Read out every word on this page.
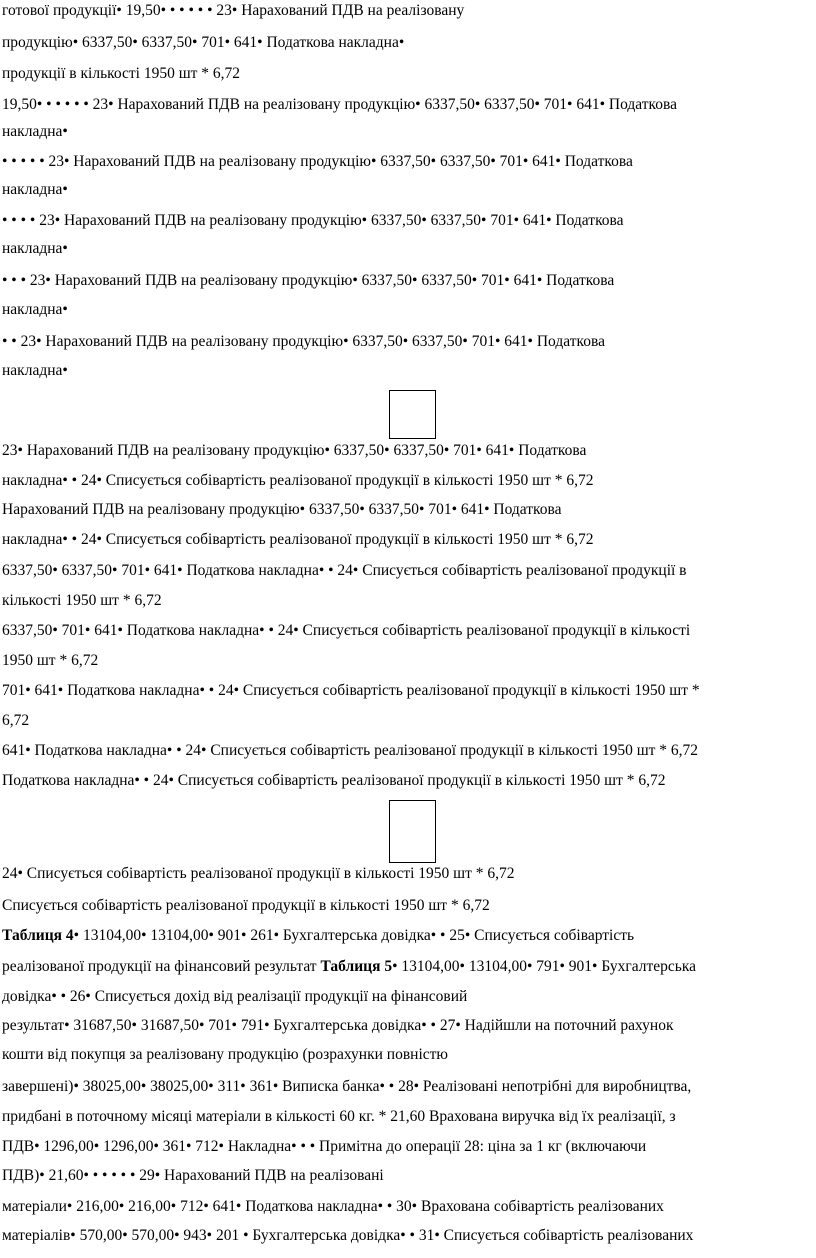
готової продукції• 19,50• • • • • • 23• Нарахований ПДВ на реалізовану
продукцію• 6337,50• 6337,50• 701• 641• Податкова накладна•
продукції в кількості 1950 шт * 6,72
19,50• • • • • • 23• Нарахований ПДВ на реалізовану продукцію• 6337,50• 6337,50• 701• 641• Податкова
накладна•
• • • • • 23• Нарахований ПДВ на реалізовану продукцію• 6337,50• 6337,50• 701• 641• Податкова
накладна•
• • • • 23• Нарахований ПДВ на реалізовану продукцію• 6337,50• 6337,50• 701• 641• Податкова
накладна•
• • • 23• Нарахований ПДВ на реалізовану продукцію• 6337,50• 6337,50• 701• 641• Податкова
накладна•
• • 23• Нарахований ПДВ на реалізовану продукцію• 6337,50• 6337,50• 701• 641• Податкова
накладна•
23• Нарахований ПДВ на реалізовану продукцію• 6337,50• 6337,50• 701• 641• Податкова
накладна• • 24• Списується собівартість реалізованої продукції в кількості 1950 шт * 6,72
Нарахований ПДВ на реалізовану продукцію• 6337,50• 6337,50• 701• 641• Податкова
накладна• • 24• Списується собівартість реалізованої продукції в кількості 1950 шт * 6,72
6337,50• 6337,50• 701• 641• Податкова накладна• • 24• Списується собівартість реалізованої продукції в
кількості 1950 шт * 6,72
6337,50• 701• 641• Податкова накладна• • 24• Списується собівартість реалізованої продукції в кількості
1950 шт * 6,72
701• 641• Податкова накладна• • 24• Списується собівартість реалізованої продукції в кількості 1950 шт *
6,72
641• Податкова накладна• • 24• Списується собівартість реалізованої продукції в кількості 1950 шт * 6,72
Податкова накладна• • 24• Списується собівартість реалізованої продукції в кількості 1950 шт * 6,72
24• Списується собівартість реалізованої продукції в кількості 1950 шт * 6,72
Списується собівартість реалізованої продукції в кількості 1950 шт * 6,72
Таблиця 4• 13104,00• 13104,00• 901• 261• Бухгалтерська довідка• • 25• Списується собівартість
реалізованої продукції на фінансовий результат Таблиця 5• 13104,00• 13104,00• 791• 901• Бухгалтерська
довідка• • 26• Списується дохід від реалізації продукції на фінансовий
результат• 31687,50• 31687,50• 701• 791• Бухгалтерська довідка• • 27• Надійшли на поточний рахунок
кошти від покупця за реалізовану продукцію (розрахунки повністю
завершені)• 38025,00• 38025,00• 311• 361• Виписка банка• • 28• Реалізовані непотрібні для виробництва,
придбані в поточному місяці матеріали в кількості 60 кг. * 21,60 Врахована виручка від їх реалізації, з
ПДВ• 1296,00• 1296,00• 361• 712• Накладна• • • Примітна до операції 28: ціна за 1 кг (включаючи
ПДВ)• 21,60• • • • • • 29• Нарахований ПДВ на реалізовані
матеріали• 216,00• 216,00• 712• 641• Податкова накладна• • 30• Врахована собівартість реалізованих
матеріалів• 570,00• 570,00• 943• 201 • Бухгалтерська довідка• • 31• Списується собівартість реалізованих
